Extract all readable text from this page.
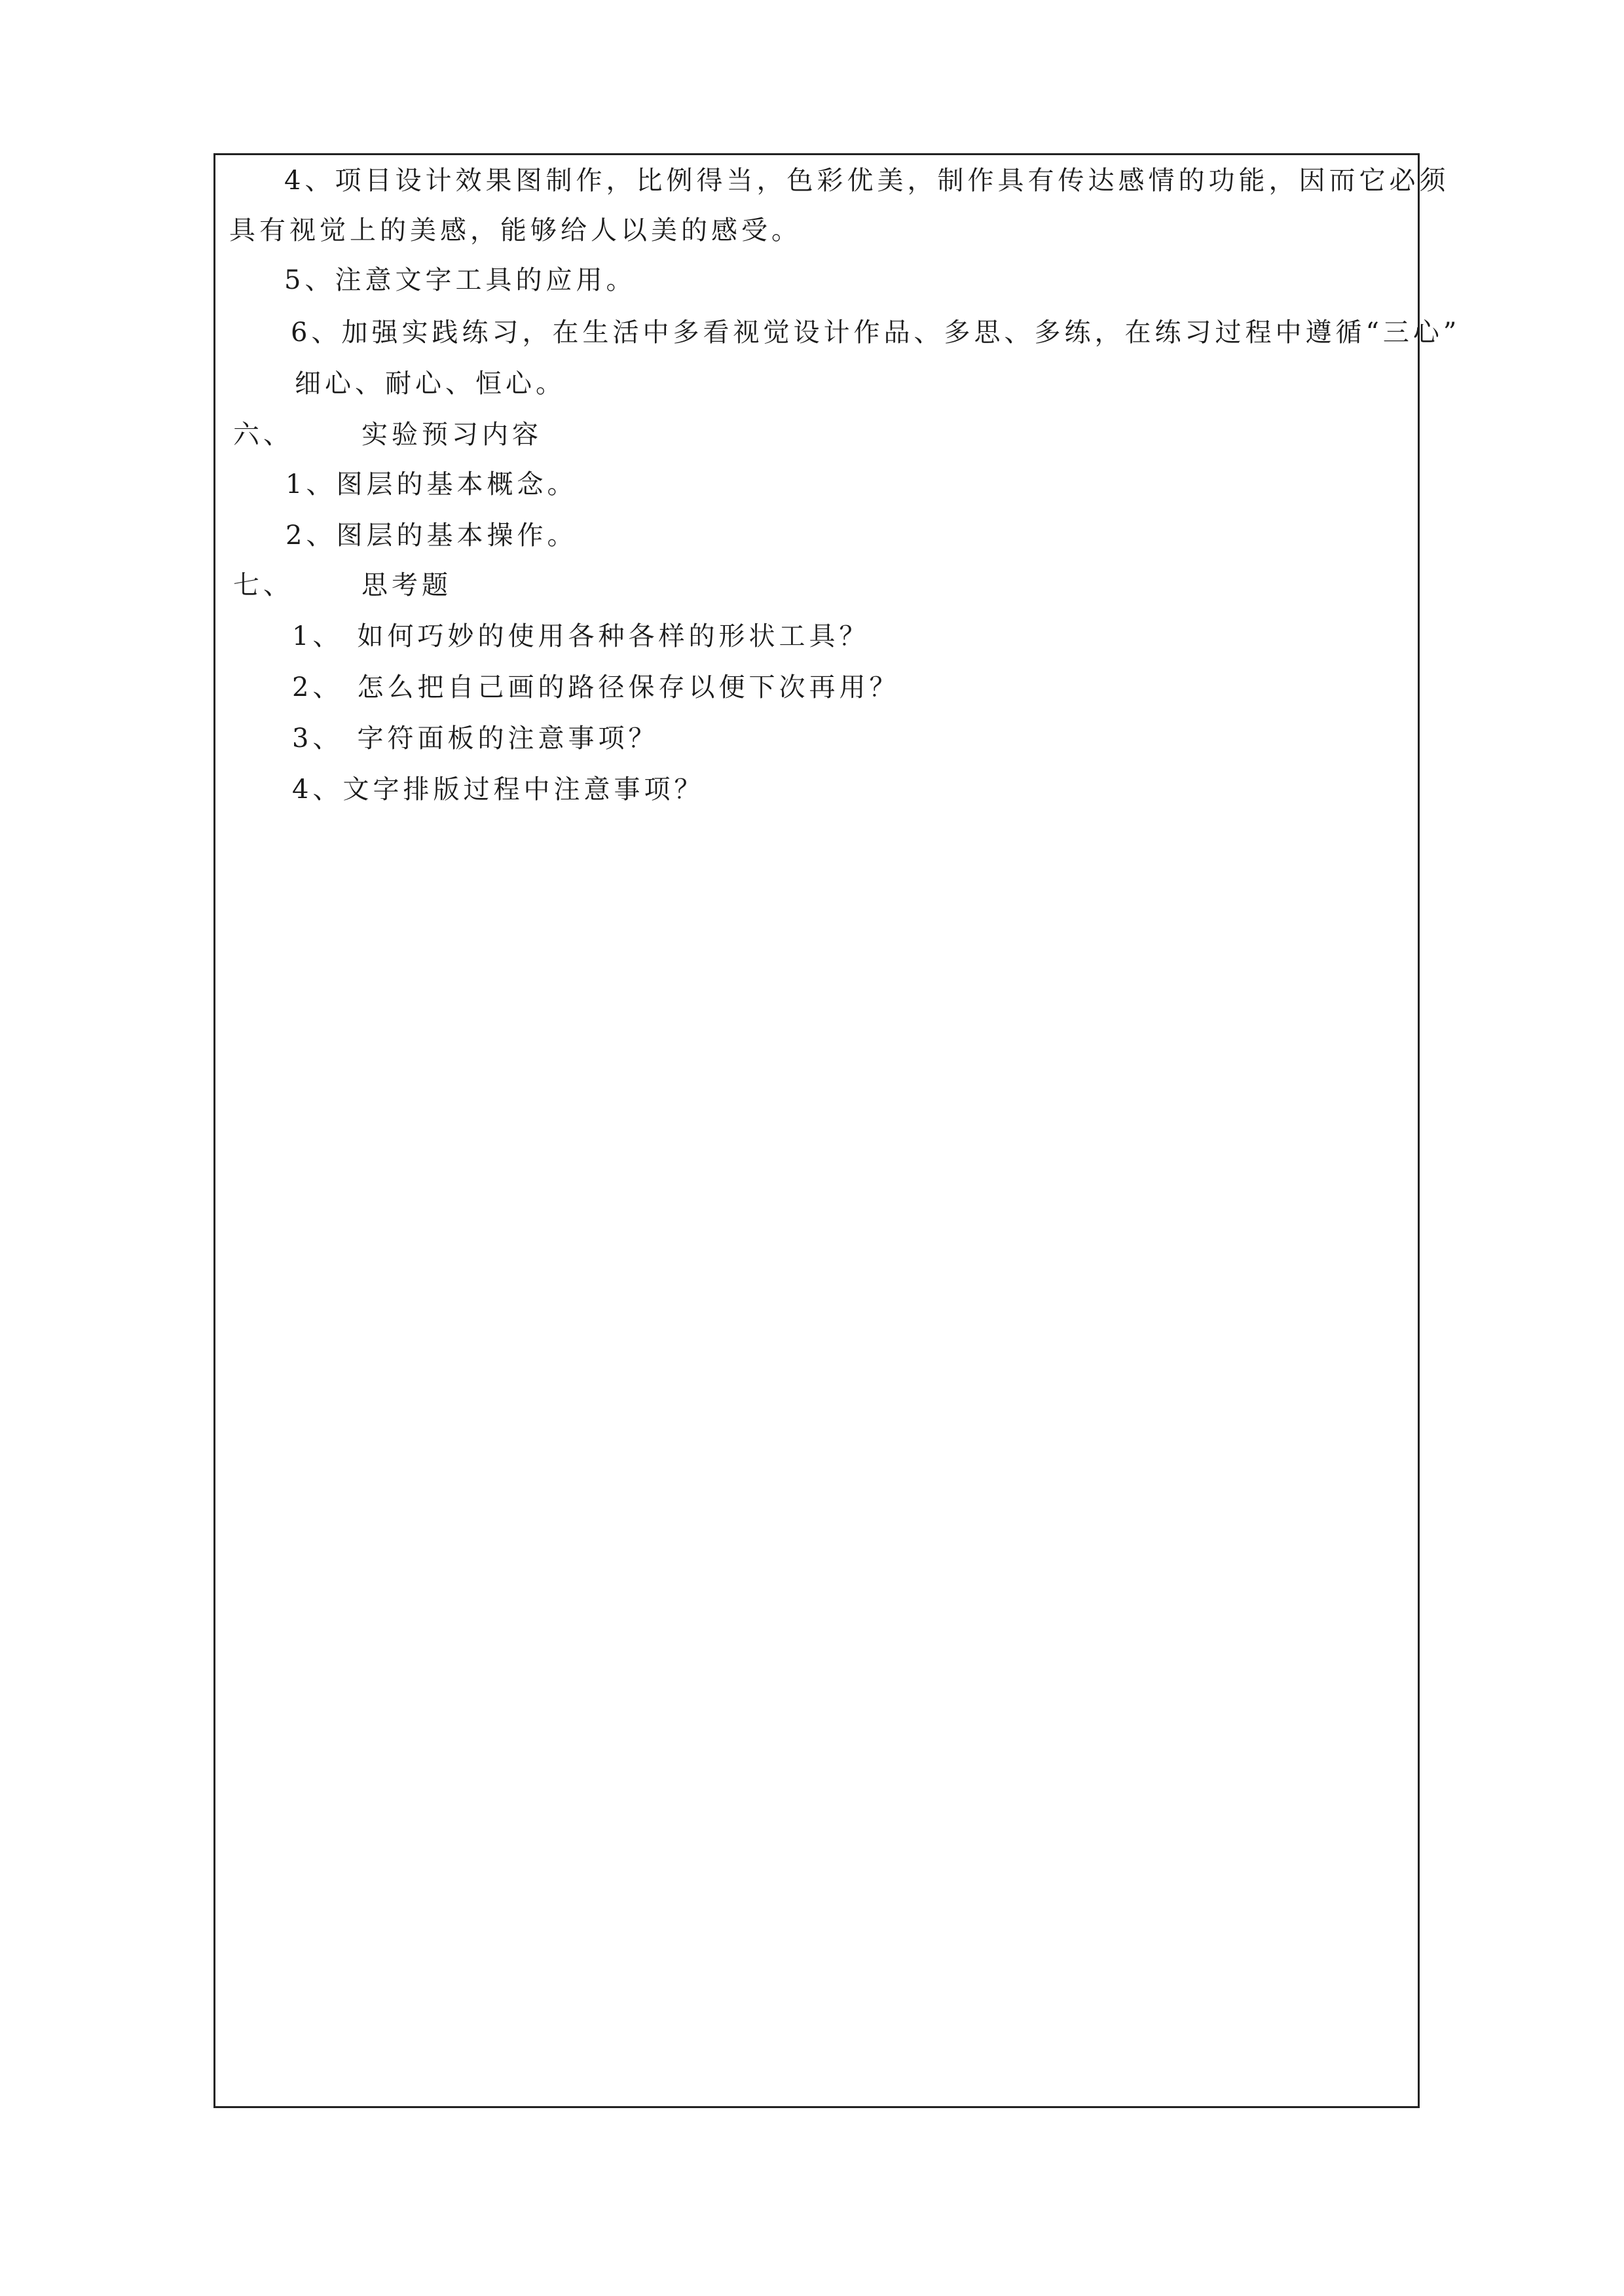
4、项目设计效果图制作，比例得当，色彩优美，制作具有传达感情的功能，因而它必须
具有视觉上的美感，能够给人以美的感受。
5、注意文字工具的应用。
6、加强实践练习，在生活中多看视觉设计作品、多思、多练，在练习过程中遵循“三心”
细心、耐心、恒心。
六、	实验预习内容
1、图层的基本概念。
2、图层的基本操作。
七、	思考题
1、 如何巧妙的使用各种各样的形状工具？
2、 怎么把自己画的路径保存以便下次再用？
3、 字符面板的注意事项？
4、文字排版过程中注意事项？
